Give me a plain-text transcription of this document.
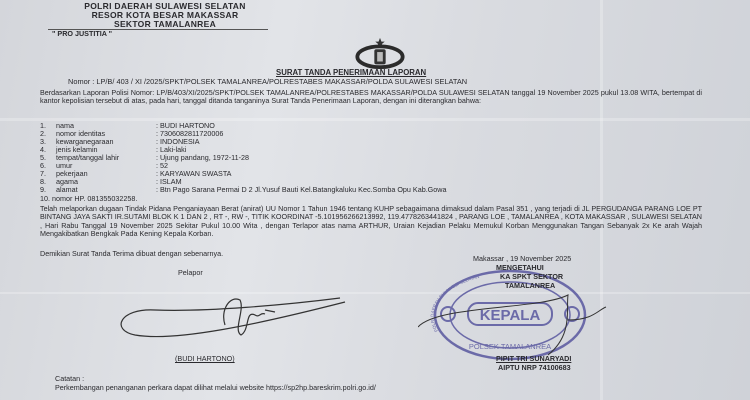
POLRI DAERAH SULAWESI SELATAN
RESOR KOTA BESAR MAKASSAR
SEKTOR TAMALANREA
" PRO JUSTITIA "
SURAT TANDA PENERIMAAN LAPORAN
Nomor : LP/B/ 403 / XI /2025/SPKT/POLSEK TAMALANREA/POLRESTABES MAKASSAR/POLDA SULAWESI SELATAN
Berdasarkan Laporan Polisi Nomor: LP/B/403/XI/2025/SPKT/POLSEK TAMALANREA/POLRESTABES MAKASSAR/POLDA SULAWESI SELATAN tanggal 19 November 2025 pukul 13.08 WITA, bertempat di kantor kepolisian tersebut di atas, pada hari, tanggal ditanda tanganinya Surat Tanda Penerimaan Laporan, dengan ini diterangkan bahwa:
1. nama	: BUDI HARTONO
2. nomor identitas	: 7306082811720006
3. kewarganegaraan	: INDONESIA
4. jenis kelamin	: Laki-laki
5. tempat/tanggal lahir	: Ujung pandang, 1972-11-28
6. umur	: 52
7. pekerjaan	: KARYAWAN SWASTA
8. agama	: ISLAM
9. alamat	: Btn Pago Sarana Permai D 2 Jl.Yusuf Bauti Kel.Batangkaluku Kec.Somba Opu Kab.Gowa
10. nomor HP. 081355032258.
Telah melaporkan dugaan Tindak Pidana Penganiayaan Berat (anirat) UU Nomor 1 Tahun 1946 tentang KUHP sebagaimana dimaksud dalam Pasal 351 , yang terjadi di JL PERGUDANGA PARANG LOE PT BINTANG JAYA SAKTI IR.SUTAMI BLOK K 1 DAN 2 , RT -, RW -, TITIK KOORDINAT -5.101956266213992, 119.4778263441824 , PARANG LOE , TAMALANREA , KOTA MAKASSAR , SULAWESI SELATAN , Hari Rabu Tanggal 19 November 2025 Sekitar Pukul 10.00 Wita , dengan Terlapor atas nama ARTHUR, Uraian Kejadian Pelaku Memukul Korban Menggunakan Tangan Sebanyak 2x Ke arah Wajah Mengakibatkan Bengkak Pada Kening Kepala Korban.
Demikian Surat Tanda Terima dibuat dengan sebenarnya.
Pelapor
(BUDI HARTONO)
Makassar , 19 November 2025
KEPALA
POLSEK TAMALANREA
POLRI DAERAH SULAWESI SELATAN
MENGETAHUI
KA SPKT SEKTOR
TAMALANREA
PIPIT TRI SUNARYADI
AIPTU NRP 74100683
Catatan :
Perkembangan penanganan perkara dapat dilihat melalui website https://sp2hp.bareskrim.polri.go.id/
